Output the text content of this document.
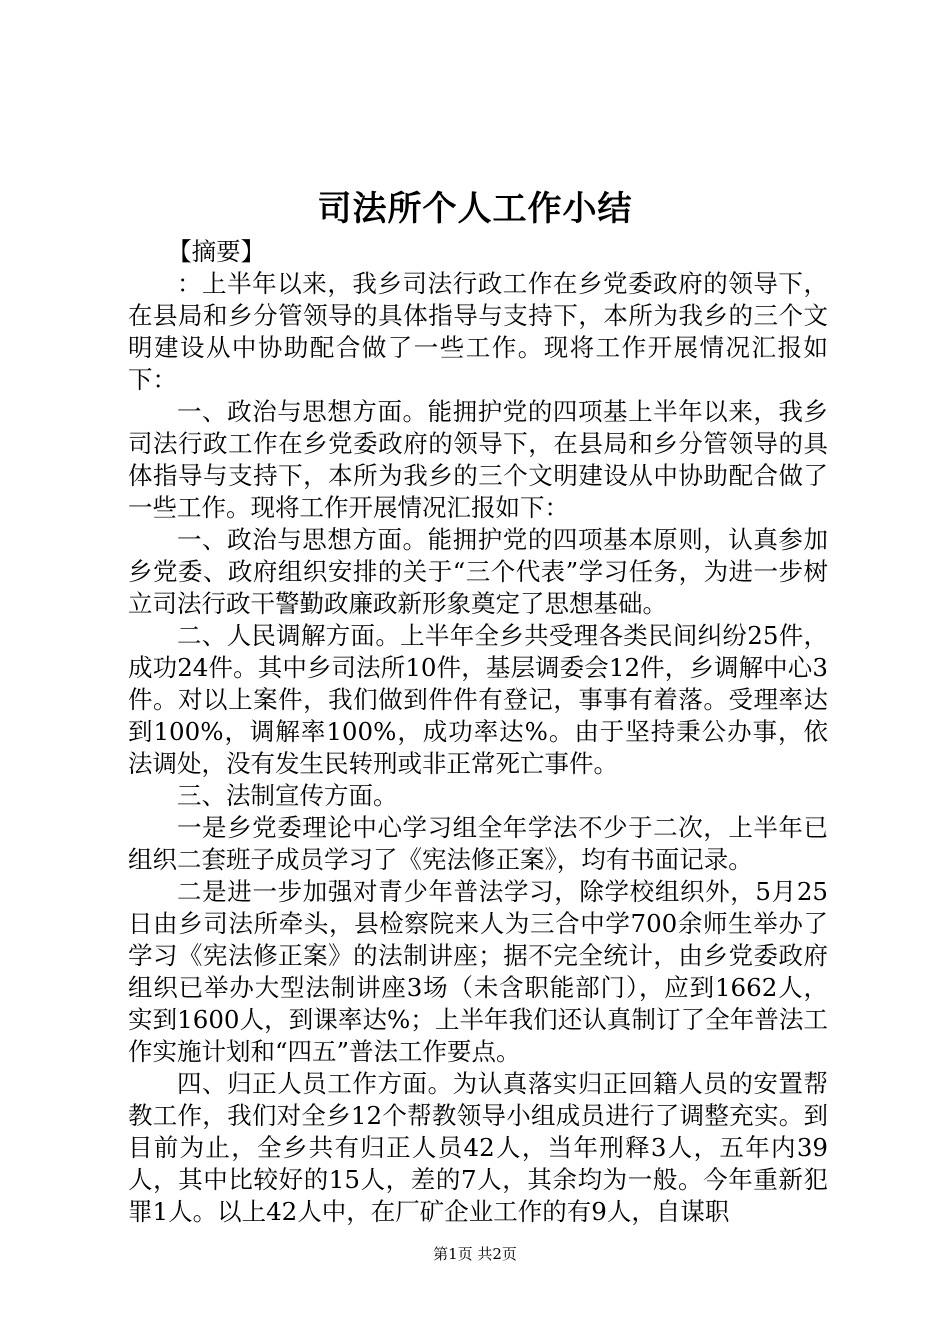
司法所个人工作小结

【摘要】

：上半年以来，我乡司法行政工作在乡党委政府的领导下，在县局和乡分管领导的具体指导与支持下，本所为我乡的三个文明建设从中协助配合做了一些工作。现将工作开展情况汇报如下：

一、政治与思想方面。能拥护党的四项基上半年以来，我乡司法行政工作在乡党委政府的领导下，在县局和乡分管领导的具体指导与支持下，本所为我乡的三个文明建设从中协助配合做了一些工作。现将工作开展情况汇报如下：

一、政治与思想方面。能拥护党的四项基本原则，认真参加乡党委、政府组织安排的关于“三个代表”学习任务，为进一步树立司法行政干警勤政廉政新形象奠定了思想基础。

二、人民调解方面。上半年全乡共受理各类民间纠纷25件，成功24件。其中乡司法所10件，基层调委会12件，乡调解中心3件。对以上案件，我们做到件件有登记，事事有着落。受理率达到100%，调解率100%，成功率达%。由于坚持秉公办事，依法调处，没有发生民转刑或非正常死亡事件。

三、法制宣传方面。

一是乡党委理论中心学习组全年学法不少于二次，上半年已组织二套班子成员学习了《宪法修正案》，均有书面记录。

二是进一步加强对青少年普法学习，除学校组织外，5月25日由乡司法所牵头，县检察院来人为三合中学700余师生举办了学习《宪法修正案》的法制讲座；据不完全统计，由乡党委政府组织已举办大型法制讲座3场（未含职能部门），应到1662人，实到1600人，到课率达%；上半年我们还认真制订了全年普法工作实施计划和“四五”普法工作要点。

四、归正人员工作方面。为认真落实归正回籍人员的安置帮教工作，我们对全乡12个帮教领导小组成员进行了调整充实。到目前为止，全乡共有归正人员42人，当年刑释3人，五年内39人，其中比较好的15人，差的7人，其余均为一般。今年重新犯罪1人。以上42人中，在厂矿企业工作的有9人，自谋职

第1页 共2页
